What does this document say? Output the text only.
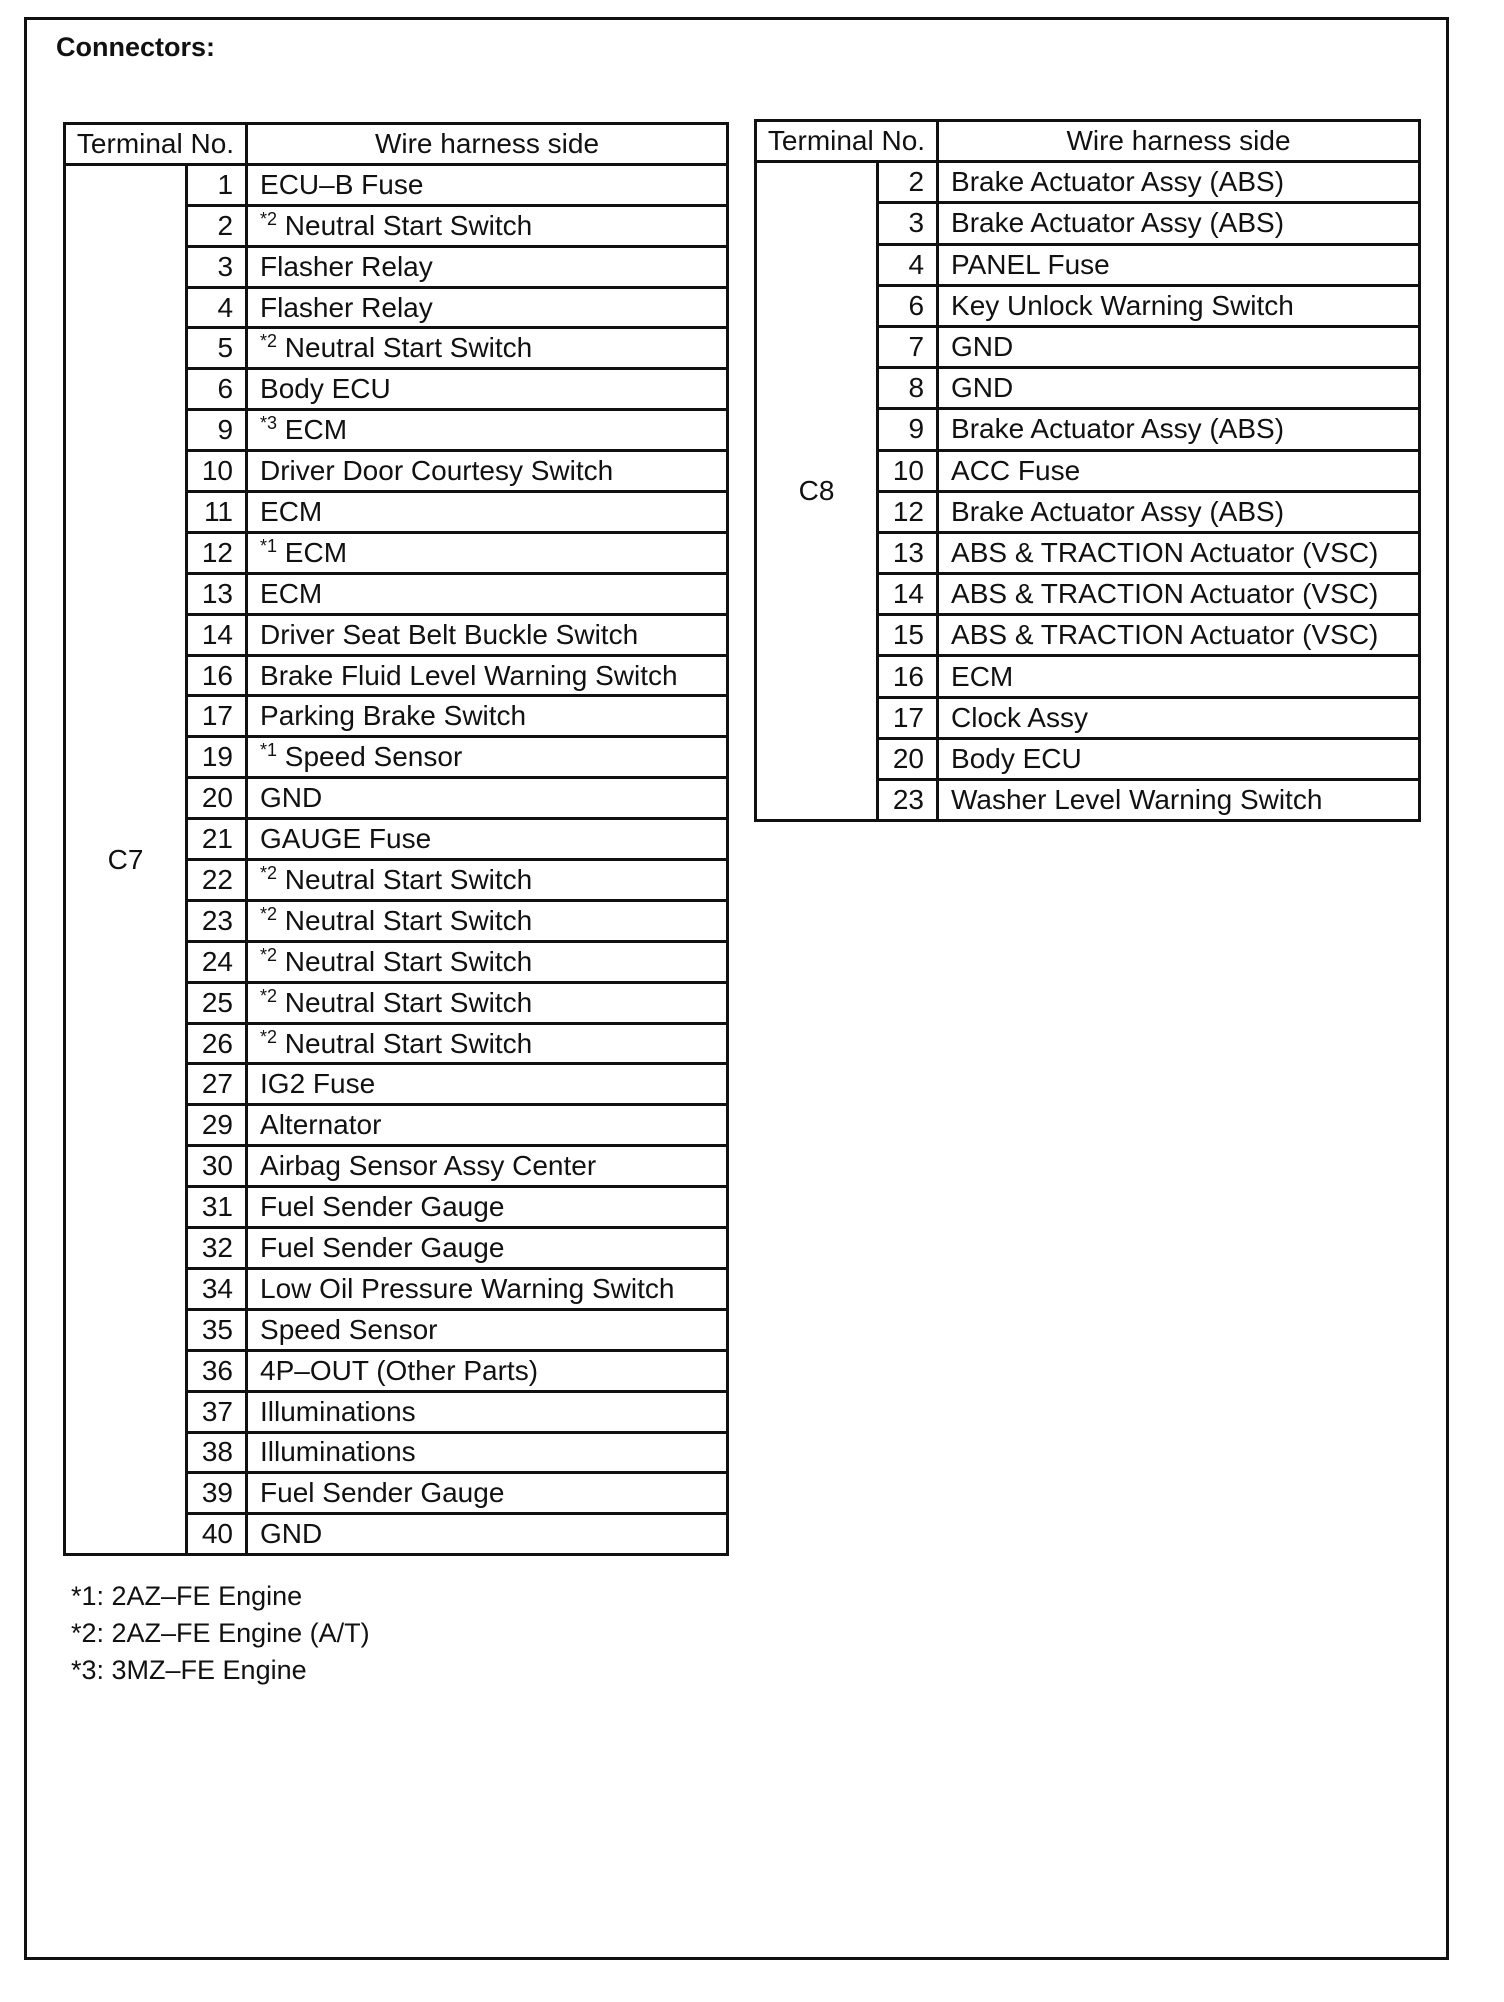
Connectors:
Terminal No.		Wire harness side
C7	1	ECU–B Fuse
	2	$^{*2}$ Neutral Start Switch
	3	Flasher Relay
	4	Flasher Relay
	5	$^{*2}$ Neutral Start Switch
	6	Body ECU
	9	$^{*3}$ ECM
	10	Driver Door Courtesy Switch
	11	ECM
	12	$^{*1}$ ECM
	13	ECM
	14	Driver Seat Belt Buckle Switch
	16	Brake Fluid Level Warning Switch
	17	Parking Brake Switch
	19	$^{*1}$ Speed Sensor
	20	GND
	21	GAUGE Fuse
	22	$^{*2}$ Neutral Start Switch
	23	$^{*2}$ Neutral Start Switch
	24	$^{*2}$ Neutral Start Switch
	25	$^{*2}$ Neutral Start Switch
	26	$^{*2}$ Neutral Start Switch
	27	IG2 Fuse
	29	Alternator
	30	Airbag Sensor Assy Center
	31	Fuel Sender Gauge
	32	Fuel Sender Gauge
	34	Low Oil Pressure Warning Switch
	35	Speed Sensor
	36	4P–OUT (Other Parts)
	37	Illuminations
	38	Illuminations
	39	Fuel Sender Gauge
	40	GND
Terminal No.		Wire harness side
C8	2	Brake Actuator Assy (ABS)
	3	Brake Actuator Assy (ABS)
	4	PANEL Fuse
	6	Key Unlock Warning Switch
	7	GND
	8	GND
	9	Brake Actuator Assy (ABS)
	10	ACC Fuse
	12	Brake Actuator Assy (ABS)
	13	ABS & TRACTION Actuator (VSC)
	14	ABS & TRACTION Actuator (VSC)
	15	ABS & TRACTION Actuator (VSC)
	16	ECM
	17	Clock Assy
	20	Body ECU
	23	Washer Level Warning Switch
*1: 2AZ–FE Engine
*2: 2AZ–FE Engine (A/T)
*3: 3MZ–FE Engine
